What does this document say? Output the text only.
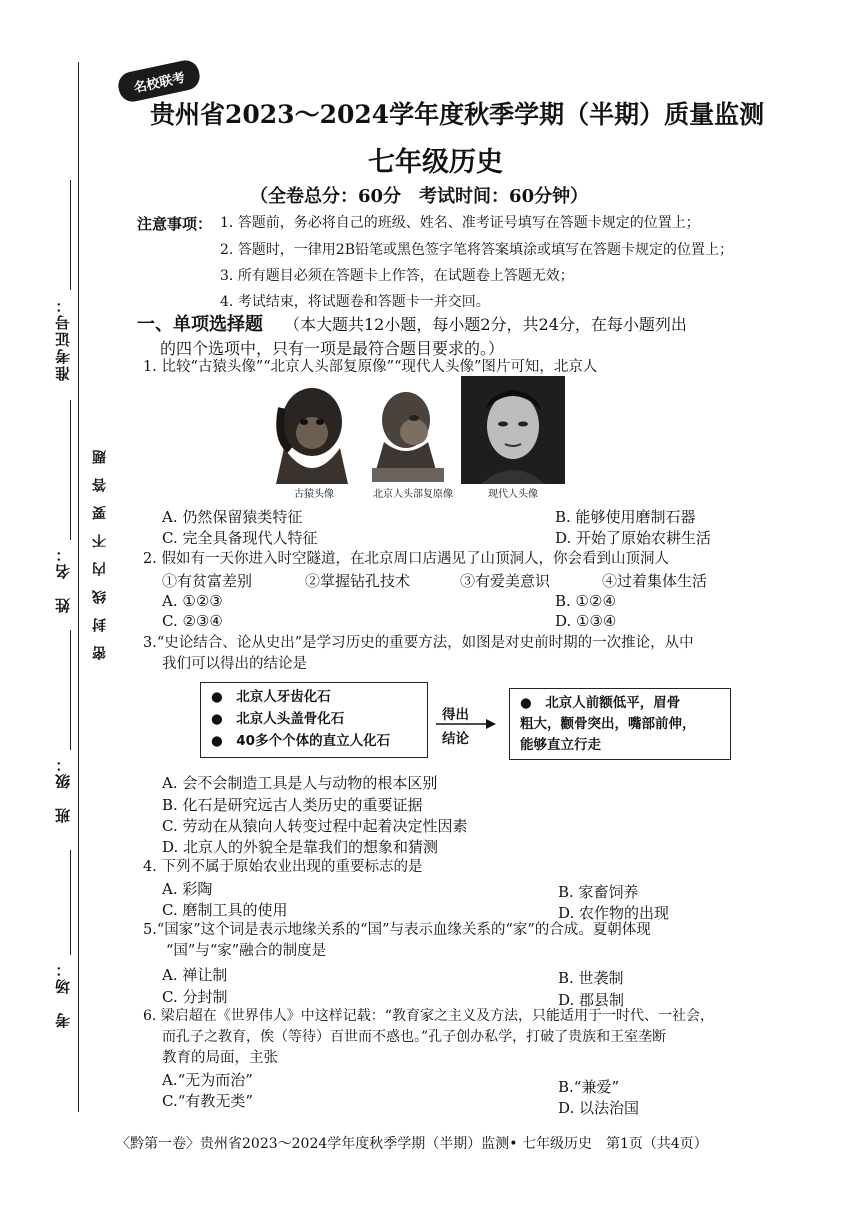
准考证号：
姓　名：
班　级：
考　场：
密　封　线　内　不　要　答　题
名校联考
贵州省2023～2024学年度秋季学期（半期）质量监测
七年级历史
（全卷总分：60分　考试时间：60分钟）
注意事项： 1. 答题前，务必将自己的班级、姓名、准考证号填写在答题卡规定的位置上；
2. 答题时，一律用2B铅笔或黑色签字笔将答案填涂或填写在答题卡规定的位置上；
3. 所有题目必须在答题卡上作答，在试题卷上答题无效；
4. 考试结束，将试题卷和答题卡一并交回。
一、单项选择题 （本大题共12小题，每小题2分，共24分，在每小题列出
的四个选项中，只有一项是最符合题目要求的。）
1. 比较“古猿头像”“北京人头部复原像”“现代人头像”图片可知，北京人
古猿头像	北京人头部复原像	现代人头像
A. 仍然保留猿类特征	B. 能够使用磨制石器
C. 完全具备现代人特征	D. 开始了原始农耕生活
2. 假如有一天你进入时空隧道，在北京周口店遇见了山顶洞人，你会看到山顶洞人
①有贫富差别	②掌握钻孔技术	③有爱美意识	④过着集体生活
A. ①②③	B. ①②④
C. ②③④	D. ①③④
3.“史论结合、论从史出”是学习历史的重要方法，如图是对史前时期的一次推论，从中
我们可以得出的结论是
●　 北京人牙齿化石
●　 北京人头盖骨化石
●　 40多个个体的直立人化石
得出
结论
●　 北京人前额低平，眉骨
粗大，颧骨突出，嘴部前伸，
能够直立行走
A. 会不会制造工具是人与动物的根本区别
B. 化石是研究远古人类历史的重要证据
C. 劳动在从猿向人转变过程中起着决定性因素
D. 北京人的外貌全是靠我们的想象和猜测
4. 下列不属于原始农业出现的重要标志的是
A. 彩陶	B. 家畜饲养
C. 磨制工具的使用	D. 农作物的出现
5.“国家”这个词是表示地缘关系的“国”与表示血缘关系的“家”的合成。夏朝体现
“国”与“家”融合的制度是
A. 禅让制	B. 世袭制
C. 分封制	D. 郡县制
6. 梁启超在《世界伟人》中这样记载：“教育家之主义及方法，只能适用于一时代、一社会，
而孔子之教育，俟（等待）百世而不惑也。”孔子创办私学，打破了贵族和王室垄断
教育的局面，主张
A.“无为而治”	B.“兼爱”
C.“有教无类”	D. 以法治国
〈黔第一卷〉贵州省2023～2024学年度秋季学期（半期）监测• 七年级历史　第1页（共4页）
